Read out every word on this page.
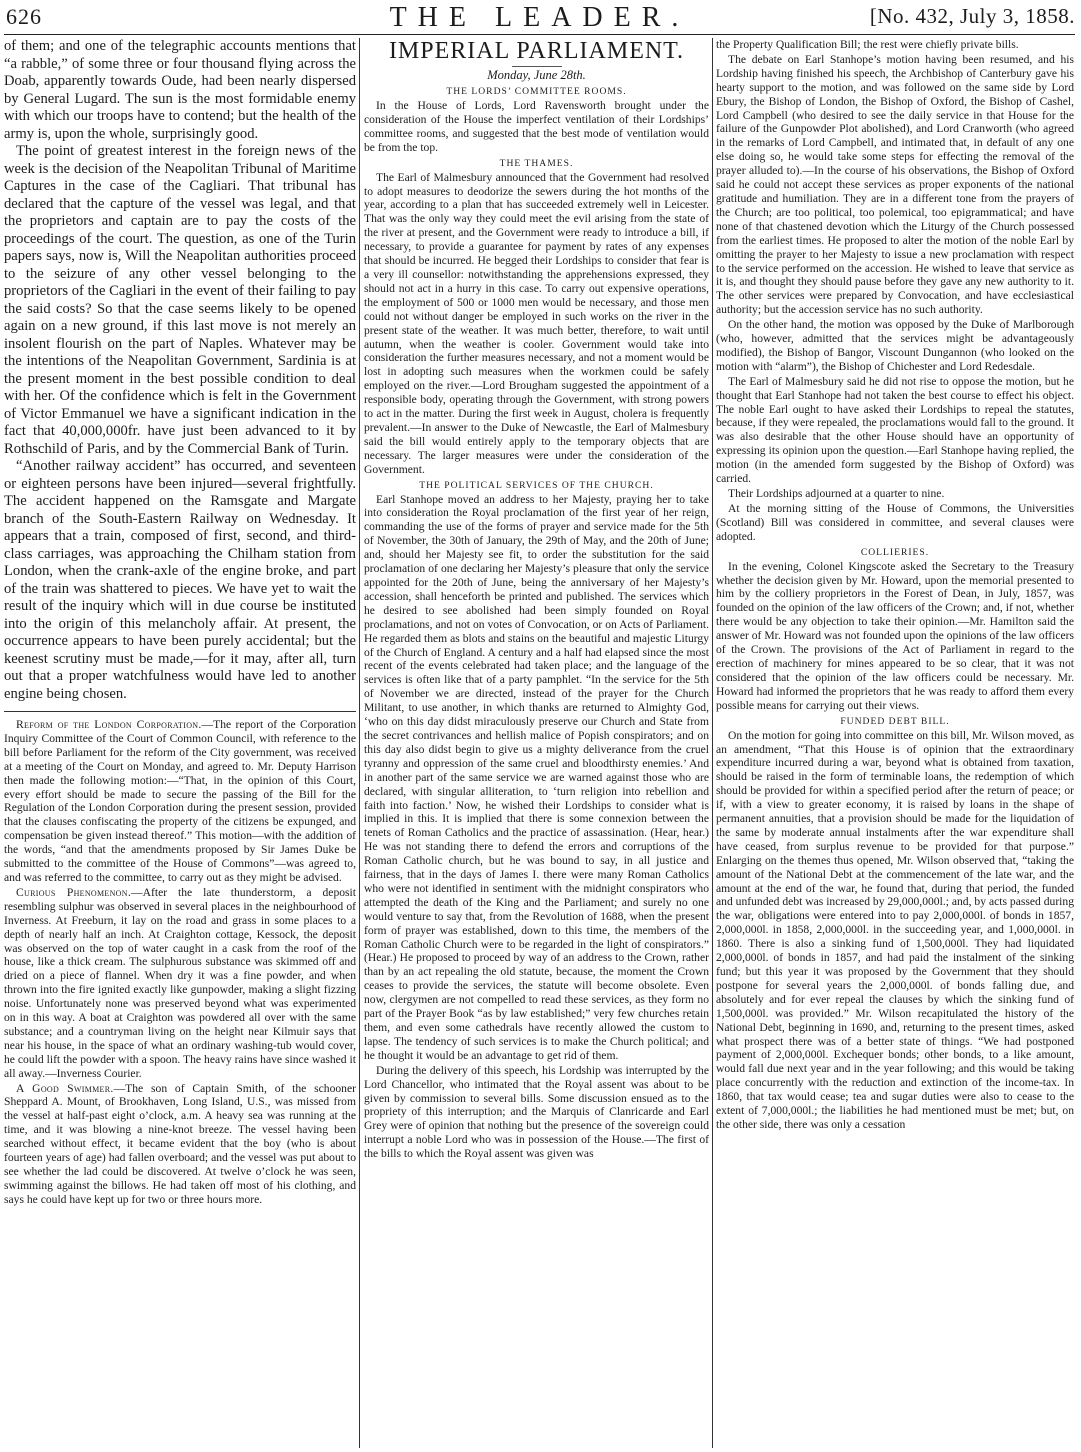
626	THE LEADER.	[No. 432, July 3, 1858.

of them; and one of the telegraphic accounts mentions that “a rabble,” of some three or four thousand flying across the Doab, apparently towards Oude, had been nearly dispersed by General Lugard. The sun is the most formidable enemy with which our troops have to contend; but the health of the army is, upon the whole, surprisingly good.

The point of greatest interest in the foreign news of the week is the decision of the Neapolitan Tribunal of Maritime Captures in the case of the Cagliari. That tribunal has declared that the capture of the vessel was legal, and that the proprietors and captain are to pay the costs of the proceedings of the court. The question, as one of the Turin papers says, now is, Will the Neapolitan authorities proceed to the seizure of any other vessel belonging to the proprietors of the Cagliari in the event of their failing to pay the said costs? So that the case seems likely to be opened again on a new ground, if this last move is not merely an insolent flourish on the part of Naples. Whatever may be the intentions of the Neapolitan Government, Sardinia is at the present moment in the best possible condition to deal with her. Of the confidence which is felt in the Government of Victor Emmanuel we have a significant indication in the fact that 40,000,000fr. have just been advanced to it by Rothschild of Paris, and by the Commercial Bank of Turin.

“Another railway accident” has occurred, and seventeen or eighteen persons have been injured—several frightfully. The accident happened on the Ramsgate and Margate branch of the South-Eastern Railway on Wednesday. It appears that a train, composed of first, second, and third-class carriages, was approaching the Chilham station from London, when the crank-axle of the engine broke, and part of the train was shattered to pieces. We have yet to wait the result of the inquiry which will in due course be instituted into the origin of this melancholy affair. At present, the occurrence appears to have been purely accidental; but the keenest scrutiny must be made,—for it may, after all, turn out that a proper watchfulness would have led to another engine being chosen.

Reform of the London Corporation.—The report of the Corporation Inquiry Committee of the Court of Common Council, with reference to the bill before Parliament for the reform of the City government, was received at a meeting of the Court on Monday, and agreed to. Mr. Deputy Harrison then made the following motion:—“That, in the opinion of this Court, every effort should be made to secure the passing of the Bill for the Regulation of the London Corporation during the present session, provided that the clauses confiscating the property of the citizens be expunged, and compensation be given instead thereof.” This motion—with the addition of the words, “and that the amendments proposed by Sir James Duke be submitted to the committee of the House of Commons”—was agreed to, and was referred to the committee, to carry out as they might be advised.

Curious Phenomenon.—After the late thunderstorm, a deposit resembling sulphur was observed in several places in the neighbourhood of Inverness. At Freeburn, it lay on the road and grass in some places to a depth of nearly half an inch. At Craighton cottage, Kessock, the deposit was observed on the top of water caught in a cask from the roof of the house, like a thick cream. The sulphurous substance was skimmed off and dried on a piece of flannel. When dry it was a fine powder, and when thrown into the fire ignited exactly like gunpowder, making a slight fizzing noise. Unfortunately none was preserved beyond what was experimented on in this way. A boat at Craighton was powdered all over with the same substance; and a countryman living on the height near Kilmuir says that near his house, in the space of what an ordinary washing-tub would cover, he could lift the powder with a spoon. The heavy rains have since washed it all away.—Inverness Courier.

A Good Swimmer.—The son of Captain Smith, of the schooner Sheppard A. Mount, of Brookhaven, Long Island, U.S., was missed from the vessel at half-past eight o’clock, a.m. A heavy sea was running at the time, and it was blowing a nine-knot breeze. The vessel having been searched without effect, it became evident that the boy (who is about fourteen years of age) had fallen overboard; and the vessel was put about to see whether the lad could be discovered. At twelve o’clock he was seen, swimming against the billows. He had taken off most of his clothing, and says he could have kept up for two or three hours more.

IMPERIAL PARLIAMENT.
Monday, June 28th.
THE LORDS’ COMMITTEE ROOMS.

In the House of Lords, Lord Ravensworth brought under the consideration of the House the imperfect ventilation of their Lordships’ committee rooms, and suggested that the best mode of ventilation would be from the top.

THE THAMES.

The Earl of Malmesbury announced that the Government had resolved to adopt measures to deodorize the sewers during the hot months of the year, according to a plan that has succeeded extremely well in Leicester. That was the only way they could meet the evil arising from the state of the river at present, and the Government were ready to introduce a bill, if necessary, to provide a guarantee for payment by rates of any expenses that should be incurred. He begged their Lordships to consider that fear is a very ill counsellor: notwithstanding the apprehensions expressed, they should not act in a hurry in this case. To carry out expensive operations, the employment of 500 or 1000 men would be necessary, and those men could not without danger be employed in such works on the river in the present state of the weather. It was much better, therefore, to wait until autumn, when the weather is cooler. Government would take into consideration the further measures necessary, and not a moment would be lost in adopting such measures when the workmen could be safely employed on the river.—Lord Brougham suggested the appointment of a responsible body, operating through the Government, with strong powers to act in the matter. During the first week in August, cholera is frequently prevalent.—In answer to the Duke of Newcastle, the Earl of Malmesbury said the bill would entirely apply to the temporary objects that are necessary. The larger measures were under the consideration of the Government.

THE POLITICAL SERVICES OF THE CHURCH.

Earl Stanhope moved an address to her Majesty, praying her to take into consideration the Royal proclamation of the first year of her reign, commanding the use of the forms of prayer and service made for the 5th of November, the 30th of January, the 29th of May, and the 20th of June; and, should her Majesty see fit, to order the substitution for the said proclamation of one declaring her Majesty’s pleasure that only the service appointed for the 20th of June, being the anniversary of her Majesty’s accession, shall henceforth be printed and published. The services which he desired to see abolished had been simply founded on Royal proclamations, and not on votes of Convocation, or on Acts of Parliament. He regarded them as blots and stains on the beautiful and majestic Liturgy of the Church of England. A century and a half had elapsed since the most recent of the events celebrated had taken place; and the language of the services is often like that of a party pamphlet. “In the service for the 5th of November we are directed, instead of the prayer for the Church Militant, to use another, in which thanks are returned to Almighty God, ‘who on this day didst miraculously preserve our Church and State from the secret contrivances and hellish malice of Popish conspirators; and on this day also didst begin to give us a mighty deliverance from the cruel tyranny and oppression of the same cruel and bloodthirsty enemies.’ And in another part of the same service we are warned against those who are declared, with singular alliteration, to ‘turn religion into rebellion and faith into faction.’ Now, he wished their Lordships to consider what is implied in this. It is implied that there is some connexion between the tenets of Roman Catholics and the practice of assassination. (Hear, hear.) He was not standing there to defend the errors and corruptions of the Roman Catholic church, but he was bound to say, in all justice and fairness, that in the days of James I. there were many Roman Catholics who were not identified in sentiment with the midnight conspirators who attempted the death of the King and the Parliament; and surely no one would venture to say that, from the Revolution of 1688, when the present form of prayer was established, down to this time, the members of the Roman Catholic Church were to be regarded in the light of conspirators.” (Hear.) He proposed to proceed by way of an address to the Crown, rather than by an act repealing the old statute, because, the moment the Crown ceases to provide the services, the statute will become obsolete. Even now, clergymen are not compelled to read these services, as they form no part of the Prayer Book “as by law established;” very few churches retain them, and even some cathedrals have recently allowed the custom to lapse. The tendency of such services is to make the Church political; and he thought it would be an advantage to get rid of them.

During the delivery of this speech, his Lordship was interrupted by the Lord Chancellor, who intimated that the Royal assent was about to be given by commission to several bills. Some discussion ensued as to the propriety of this interruption; and the Marquis of Clanricarde and Earl Grey were of opinion that nothing but the presence of the sovereign could interrupt a noble Lord who was in possession of the House.—The first of the bills to which the Royal assent was given was

the Property Qualification Bill; the rest were chiefly private bills.

The debate on Earl Stanhope’s motion having been resumed, and his Lordship having finished his speech, the Archbishop of Canterbury gave his hearty support to the motion, and was followed on the same side by Lord Ebury, the Bishop of London, the Bishop of Oxford, the Bishop of Cashel, Lord Campbell (who desired to see the daily service in that House for the failure of the Gunpowder Plot abolished), and Lord Cranworth (who agreed in the remarks of Lord Campbell, and intimated that, in default of any one else doing so, he would take some steps for effecting the removal of the prayer alluded to).—In the course of his observations, the Bishop of Oxford said he could not accept these services as proper exponents of the national gratitude and humiliation. They are in a different tone from the prayers of the Church; are too political, too polemical, too epigrammatical; and have none of that chastened devotion which the Liturgy of the Church possessed from the earliest times. He proposed to alter the motion of the noble Earl by omitting the prayer to her Majesty to issue a new proclamation with respect to the service performed on the accession. He wished to leave that service as it is, and thought they should pause before they gave any new authority to it. The other services were prepared by Convocation, and have ecclesiastical authority; but the accession service has no such authority.

On the other hand, the motion was opposed by the Duke of Marlborough (who, however, admitted that the services might be advantageously modified), the Bishop of Bangor, Viscount Dungannon (who looked on the motion with “alarm”), the Bishop of Chichester and Lord Redesdale.

The Earl of Malmesbury said he did not rise to oppose the motion, but he thought that Earl Stanhope had not taken the best course to effect his object. The noble Earl ought to have asked their Lordships to repeal the statutes, because, if they were repealed, the proclamations would fall to the ground. It was also desirable that the other House should have an opportunity of expressing its opinion upon the question.—Earl Stanhope having replied, the motion (in the amended form suggested by the Bishop of Oxford) was carried.

Their Lordships adjourned at a quarter to nine.

At the morning sitting of the House of Commons, the Universities (Scotland) Bill was considered in committee, and several clauses were adopted.

COLLIERIES.

In the evening, Colonel Kingscote asked the Secretary to the Treasury whether the decision given by Mr. Howard, upon the memorial presented to him by the colliery proprietors in the Forest of Dean, in July, 1857, was founded on the opinion of the law officers of the Crown; and, if not, whether there would be any objection to take their opinion.—Mr. Hamilton said the answer of Mr. Howard was not founded upon the opinions of the law officers of the Crown. The provisions of the Act of Parliament in regard to the erection of machinery for mines appeared to be so clear, that it was not considered that the opinion of the law officers could be necessary. Mr. Howard had informed the proprietors that he was ready to afford them every possible means for carrying out their views.

FUNDED DEBT BILL.

On the motion for going into committee on this bill, Mr. Wilson moved, as an amendment, “That this House is of opinion that the extraordinary expenditure incurred during a war, beyond what is obtained from taxation, should be raised in the form of terminable loans, the redemption of which should be provided for within a specified period after the return of peace; or if, with a view to greater economy, it is raised by loans in the shape of permanent annuities, that a provision should be made for the liquidation of the same by moderate annual instalments after the war expenditure shall have ceased, from surplus revenue to be provided for that purpose.” Enlarging on the themes thus opened, Mr. Wilson observed that, “taking the amount of the National Debt at the commencement of the late war, and the amount at the end of the war, he found that, during that period, the funded and unfunded debt was increased by 29,000,000l.; and, by acts passed during the war, obligations were entered into to pay 2,000,000l. of bonds in 1857, 2,000,000l. in 1858, 2,000,000l. in the succeeding year, and 1,000,000l. in 1860. There is also a sinking fund of 1,500,000l. They had liquidated 2,000,000l. of bonds in 1857, and had paid the instalment of the sinking fund; but this year it was proposed by the Government that they should postpone for several years the 2,000,000l. of bonds falling due, and absolutely and for ever repeal the clauses by which the sinking fund of 1,500,000l. was provided.” Mr. Wilson recapitulated the history of the National Debt, beginning in 1690, and, returning to the present times, asked what prospect there was of a better state of things. “We had postponed payment of 2,000,000l. Exchequer bonds; other bonds, to a like amount, would fall due next year and in the year following; and this would be taking place concurrently with the reduction and extinction of the income-tax. In 1860, that tax would cease; tea and sugar duties were also to cease to the extent of 7,000,000l.; the liabilities he had mentioned must be met; but, on the other side, there was only a cessation
